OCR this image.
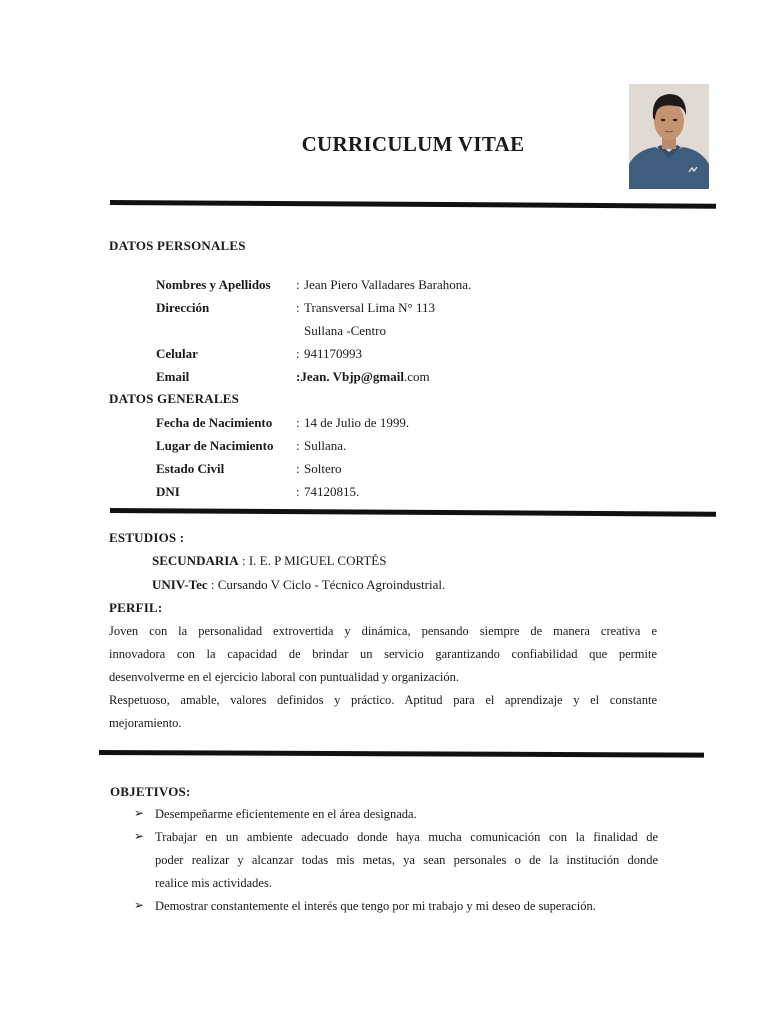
CURRICULUM VITAE
DATOS PERSONALES
Nombres y Apellidos : Jean Piero Valladares Barahona.
Dirección	: Transversal Lima N° 113
Sullana -Centro
Celular	: 941170993
Email	:Jean. Vbjp@gmail.com
DATOS GENERALES
Fecha de Nacimiento : 14 de Julio de 1999.
Lugar de Nacimiento : Sullana.
Estado Civil	: Soltero
DNI	: 74120815.
ESTUDIOS :
SECUNDARIA : I. E. P MIGUEL CORTÉS
UNIV-Tec : Cursando V Ciclo - Técnico Agroindustrial.
PERFIL:
Joven con la personalidad extrovertida y dinámica, pensando siempre de manera creativa e
innovadora con la capacidad de brindar un servicio garantizando confiabilidad que permite
desenvolverme en el ejercicio laboral con puntualidad y organización.
Respetuoso, amable, valores definidos y práctico. Aptitud para el aprendizaje y el constante
mejoramiento.
OBJETIVOS:
➢ Desempeñarme eficientemente en el área designada.
➢ Trabajar en un ambiente adecuado donde haya mucha comunicación con la finalidad de
poder realizar y alcanzar todas mis metas, ya sean personales o de la institución donde
realice mis actividades.
➢ Demostrar constantemente el interés que tengo por mi trabajo y mi deseo de superación.
